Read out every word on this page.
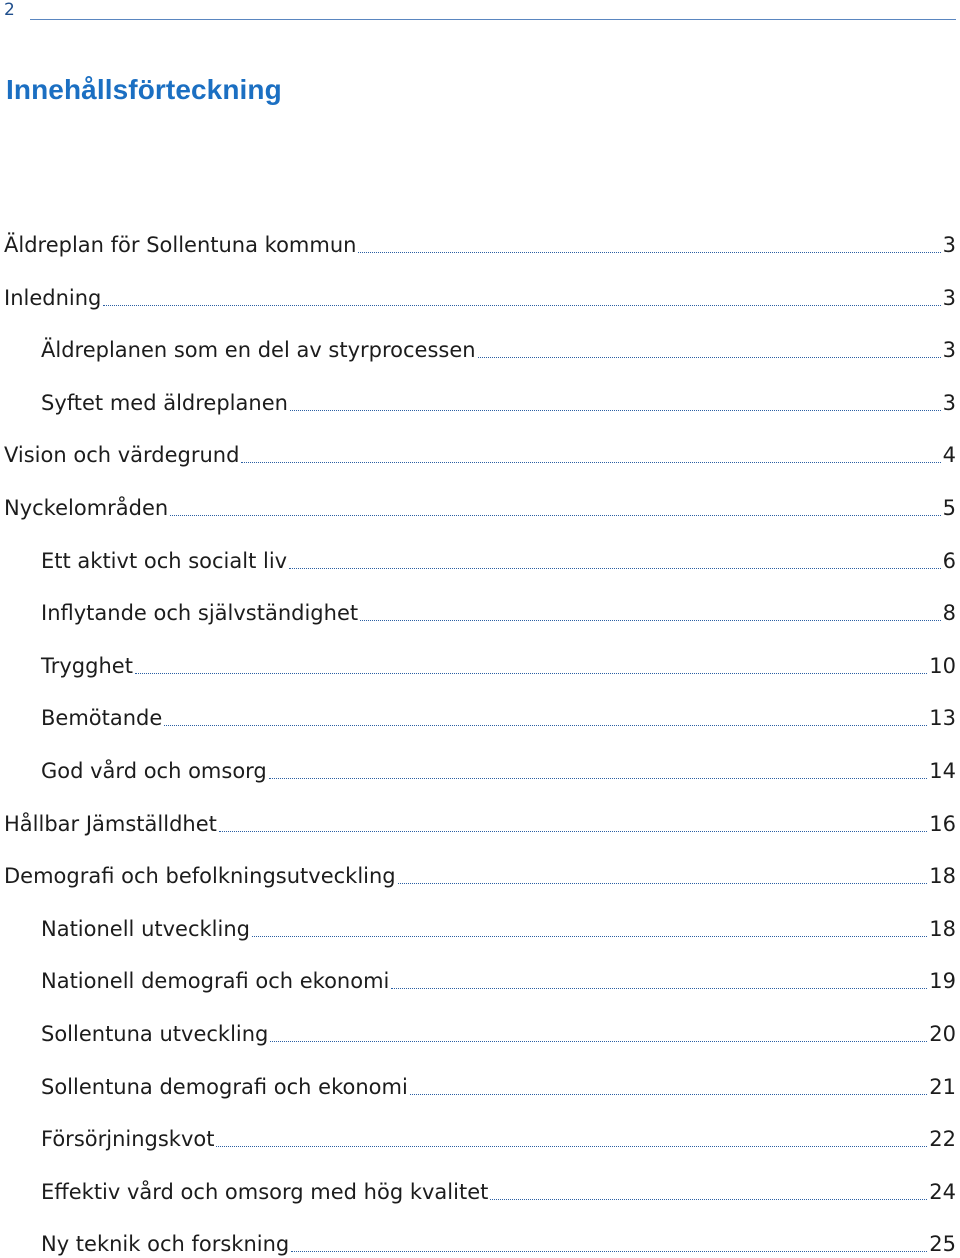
2
Innehållsförteckning
Äldreplan för Sollentuna kommun	3
Inledning	3
Äldreplanen som en del av styrprocessen	3
Syftet med äldreplanen	3
Vision och värdegrund	4
Nyckelområden	5
Ett aktivt och socialt liv	6
Inflytande och självständighet	8
Trygghet	10
Bemötande	13
God vård och omsorg	14
Hållbar Jämställdhet	16
Demografi och befolkningsutveckling	18
Nationell utveckling	18
Nationell demografi och ekonomi	19
Sollentuna utveckling	20
Sollentuna demografi och ekonomi	21
Försörjningskvot	22
Effektiv vård och omsorg med hög kvalitet	24
Ny teknik och forskning	25
